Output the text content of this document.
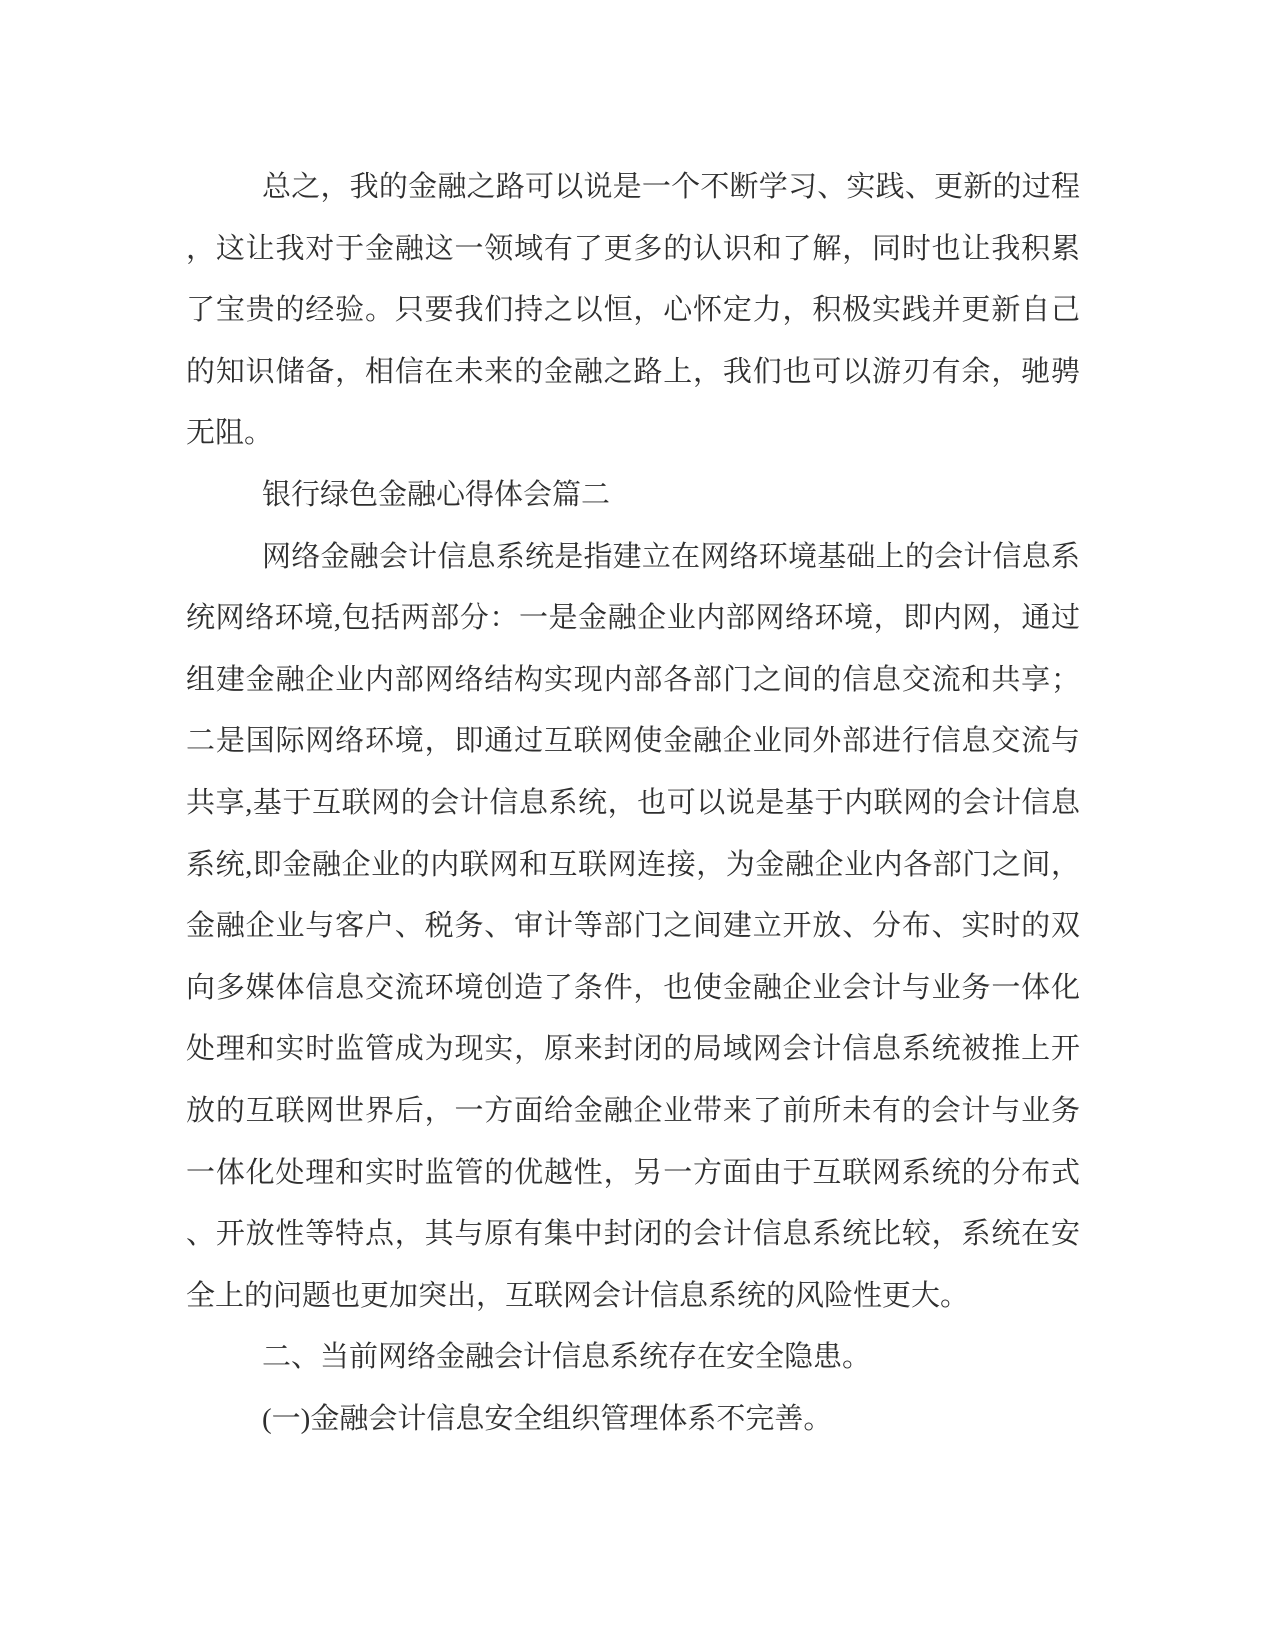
总之，我的金融之路可以说是一个不断学习、实践、更新的过程
，这让我对于金融这一领域有了更多的认识和了解，同时也让我积累
了宝贵的经验。只要我们持之以恒，心怀定力，积极实践并更新自己
的知识储备，相信在未来的金融之路上，我们也可以游刃有余，驰骋
无阻。
银行绿色金融心得体会篇二
网络金融会计信息系统是指建立在网络环境基础上的会计信息系
统网络环境,包括两部分：一是金融企业内部网络环境，即内网，通过
组建金融企业内部网络结构实现内部各部门之间的信息交流和共享；
二是国际网络环境，即通过互联网使金融企业同外部进行信息交流与
共享,基于互联网的会计信息系统，也可以说是基于内联网的会计信息
系统,即金融企业的内联网和互联网连接，为金融企业内各部门之间，
金融企业与客户、税务、审计等部门之间建立开放、分布、实时的双
向多媒体信息交流环境创造了条件，也使金融企业会计与业务一体化
处理和实时监管成为现实，原来封闭的局域网会计信息系统被推上开
放的互联网世界后，一方面给金融企业带来了前所未有的会计与业务
一体化处理和实时监管的优越性，另一方面由于互联网系统的分布式
、开放性等特点，其与原有集中封闭的会计信息系统比较，系统在安
全上的问题也更加突出，互联网会计信息系统的风险性更大。
二、当前网络金融会计信息系统存在安全隐患。
(一)金融会计信息安全组织管理体系不完善。
